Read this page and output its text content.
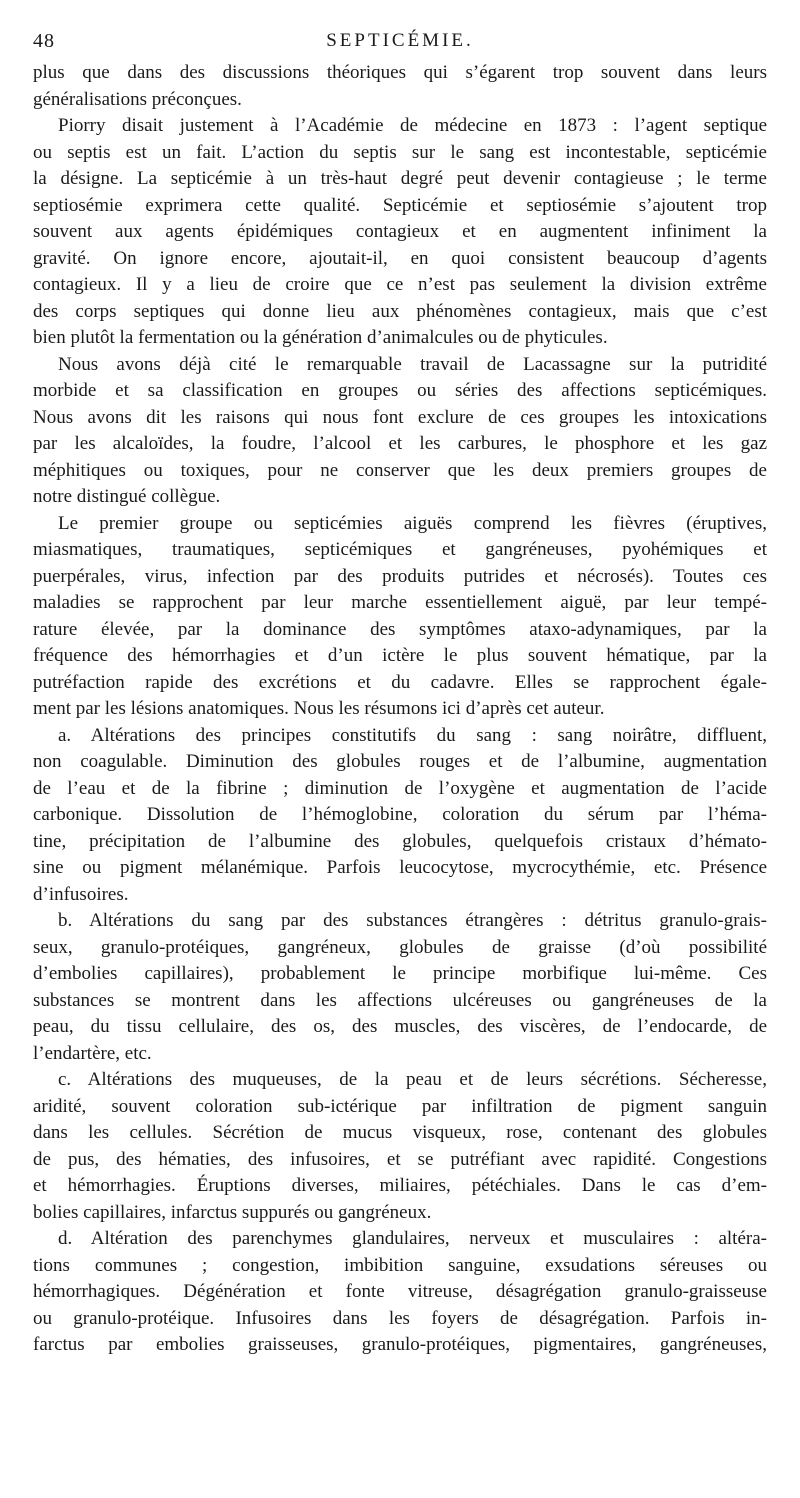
48	SEPTICÉMIE.
plus que dans des discussions théoriques qui s’égarent trop souvent dans leurs
généralisations préconçues.
Piorry disait justement à l’Académie de médecine en 1873 : l’agent septique
ou septis est un fait. L’action du septis sur le sang est incontestable, septicémie
la désigne. La septicémie à un très-haut degré peut devenir contagieuse ; le terme
septiosémie exprimera cette qualité. Septicémie et septiosémie s’ajoutent trop
souvent aux agents épidémiques contagieux et en augmentent infiniment la
gravité. On ignore encore, ajoutait-il, en quoi consistent beaucoup d’agents
contagieux. Il y a lieu de croire que ce n’est pas seulement la division extrême
des corps septiques qui donne lieu aux phénomènes contagieux, mais que c’est
bien plutôt la fermentation ou la génération d’animalcules ou de phyticules.
Nous avons déjà cité le remarquable travail de Lacassagne sur la putridité
morbide et sa classification en groupes ou séries des affections septicémiques.
Nous avons dit les raisons qui nous font exclure de ces groupes les intoxications
par les alcaloïdes, la foudre, l’alcool et les carbures, le phosphore et les gaz
méphitiques ou toxiques, pour ne conserver que les deux premiers groupes de
notre distingué collègue.
Le premier groupe ou septicémies aiguës comprend les fièvres (éruptives,
miasmatiques, traumatiques, septicémiques et gangréneuses, pyohémiques et
puerpérales, virus, infection par des produits putrides et nécrosés). Toutes ces
maladies se rapprochent par leur marche essentiellement aiguë, par leur tempé-
rature élevée, par la dominance des symptômes ataxo-adynamiques, par la
fréquence des hémorrhagies et d’un ictère le plus souvent hématique, par la
putréfaction rapide des excrétions et du cadavre. Elles se rapprochent égale-
ment par les lésions anatomiques. Nous les résumons ici d’après cet auteur.
a. Altérations des principes constitutifs du sang : sang noirâtre, diffluent,
non coagulable. Diminution des globules rouges et de l’albumine, augmentation
de l’eau et de la fibrine ; diminution de l’oxygène et augmentation de l’acide
carbonique. Dissolution de l’hémoglobine, coloration du sérum par l’héma-
tine, précipitation de l’albumine des globules, quelquefois cristaux d’hémato-
sine ou pigment mélanémique. Parfois leucocytose, mycrocythémie, etc. Présence
d’infusoires.
b. Altérations du sang par des substances étrangères : détritus granulo-grais-
seux, granulo-protéiques, gangréneux, globules de graisse (d’où possibilité
d’embolies capillaires), probablement le principe morbifique lui-même. Ces
substances se montrent dans les affections ulcéreuses ou gangréneuses de la
peau, du tissu cellulaire, des os, des muscles, des viscères, de l’endocarde, de
l’endartère, etc.
c. Altérations des muqueuses, de la peau et de leurs sécrétions. Sécheresse,
aridité, souvent coloration sub-ictérique par infiltration de pigment sanguin
dans les cellules. Sécrétion de mucus visqueux, rose, contenant des globules
de pus, des hématies, des infusoires, et se putréfiant avec rapidité. Congestions
et hémorrhagies. Éruptions diverses, miliaires, pétéchiales. Dans le cas d’em-
bolies capillaires, infarctus suppurés ou gangréneux.
d. Altération des parenchymes glandulaires, nerveux et musculaires : altéra-
tions communes ; congestion, imbibition sanguine, exsudations séreuses ou
hémorrhagiques. Dégénération et fonte vitreuse, désagrégation granulo-graisseuse
ou granulo-protéique. Infusoires dans les foyers de désagrégation. Parfois in-
farctus par embolies graisseuses, granulo-protéiques, pigmentaires, gangréneuses,
